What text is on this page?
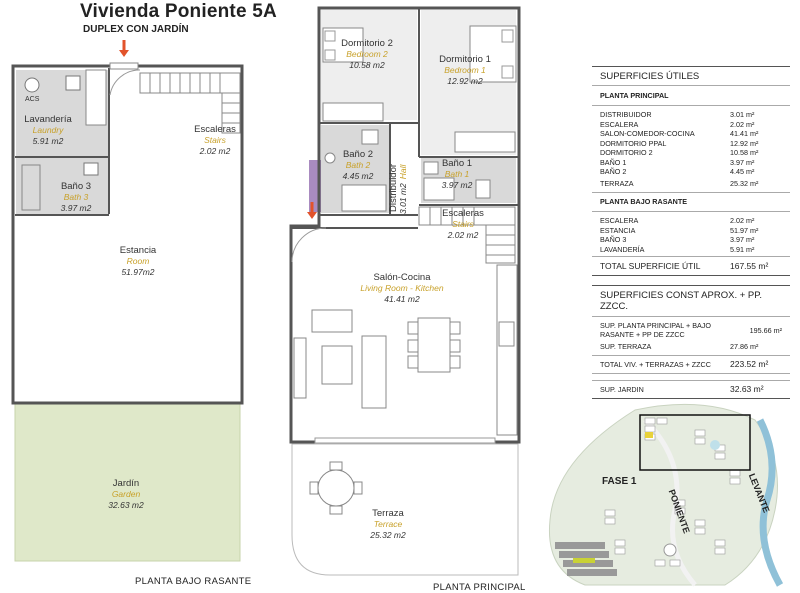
Vivienda Poniente 5A
DUPLEX CON JARDÍN
ACS
Lavandería
Laundry
5.91 m2
Escaleras
Stairs
2.02 m2
Baño 3
Bath 3
3.97 m2
Estancia
Room
51.97m2
Jardín
Garden
32.63 m2
PLANTA BAJO RASANTE
Dormitorio 2
Bedroom 2
10.58 m2	Dormitorio 1
Bedroom 1
12.92 m2
Baño 2
Bath 2
4.45 m2
Baño 1
Bath 1
3.97 m2
Distribuidor 3.01 m2
Hall
Escaleras
Stairs
2.02 m2
Salón-Cocina
Living Room - Kitchen
41.41 m2
Terraza
Terrace
25.32 m2
PLANTA PRINCIPAL
SUPERFICIES ÚTILES
PLANTA PRINCIPAL
DISTRIBUIDOR	3.01 m²
ESCALERA	2.02 m²
SALON-COMEDOR-COCINA	41.41 m²
DORMITORIO PPAL	12.92 m²
DORMITORIO 2	10.58 m²
BAÑO 1	3.97 m²
BAÑO 2	4.45 m²
TERRAZA	25.32 m²
PLANTA BAJO RASANTE
ESCALERA	2.02 m²
ESTANCIA	51.97 m²
BAÑO 3	3.97 m²
LAVANDERÍA	5.91 m²
TOTAL SUPERFICIE ÚTIL	167.55 m²
SUPERFICIES CONST APROX. + PP. ZZCC.
SUP. PLANTA PRINCIPAL + BAJO RASANTE + PP DE ZZCC	195.66 m²
SUP. TERRAZA	27.86 m²
TOTAL VIV. + TERRAZAS + ZZCC 223.52 m²
SUP. JARDIN	32.63 m²
FASE 1
PONIENTE	LEVANTE
